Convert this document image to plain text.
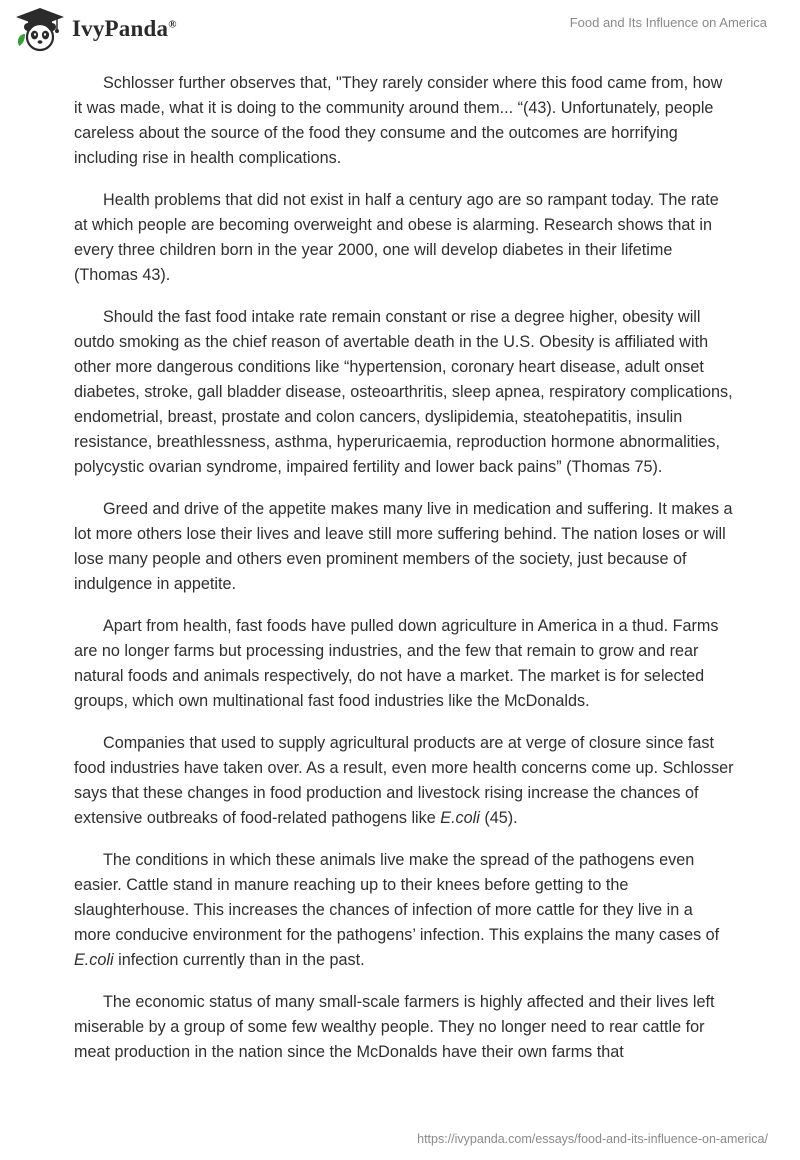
IvyPanda®	Food and Its Influence on America

Schlosser further observes that, "They rarely consider where this food came from, how it was made, what it is doing to the community around them... “(43). Unfortunately, people careless about the source of the food they consume and the outcomes are horrifying including rise in health complications.

Health problems that did not exist in half a century ago are so rampant today. The rate at which people are becoming overweight and obese is alarming. Research shows that in every three children born in the year 2000, one will develop diabetes in their lifetime (Thomas 43).

Should the fast food intake rate remain constant or rise a degree higher, obesity will outdo smoking as the chief reason of avertable death in the U.S. Obesity is affiliated with other more dangerous conditions like “hypertension, coronary heart disease, adult onset diabetes, stroke, gall bladder disease, osteoarthritis, sleep apnea, respiratory complications, endometrial, breast, prostate and colon cancers, dyslipidemia, steatohepatitis, insulin resistance, breathlessness, asthma, hyperuricaemia, reproduction hormone abnormalities, polycystic ovarian syndrome, impaired fertility and lower back pains” (Thomas 75).

Greed and drive of the appetite makes many live in medication and suffering. It makes a lot more others lose their lives and leave still more suffering behind. The nation loses or will lose many people and others even prominent members of the society, just because of indulgence in appetite.

Apart from health, fast foods have pulled down agriculture in America in a thud. Farms are no longer farms but processing industries, and the few that remain to grow and rear natural foods and animals respectively, do not have a market. The market is for selected groups, which own multinational fast food industries like the McDonalds.

Companies that used to supply agricultural products are at verge of closure since fast food industries have taken over. As a result, even more health concerns come up. Schlosser says that these changes in food production and livestock rising increase the chances of extensive outbreaks of food-related pathogens like E.coli (45).

The conditions in which these animals live make the spread of the pathogens even easier. Cattle stand in manure reaching up to their knees before getting to the slaughterhouse. This increases the chances of infection of more cattle for they live in a more conducive environment for the pathogens’ infection. This explains the many cases of E.coli infection currently than in the past.

The economic status of many small-scale farmers is highly affected and their lives left miserable by a group of some few wealthy people. They no longer need to rear cattle for meat production in the nation since the McDonalds have their own farms that

https://ivypanda.com/essays/food-and-its-influence-on-america/
